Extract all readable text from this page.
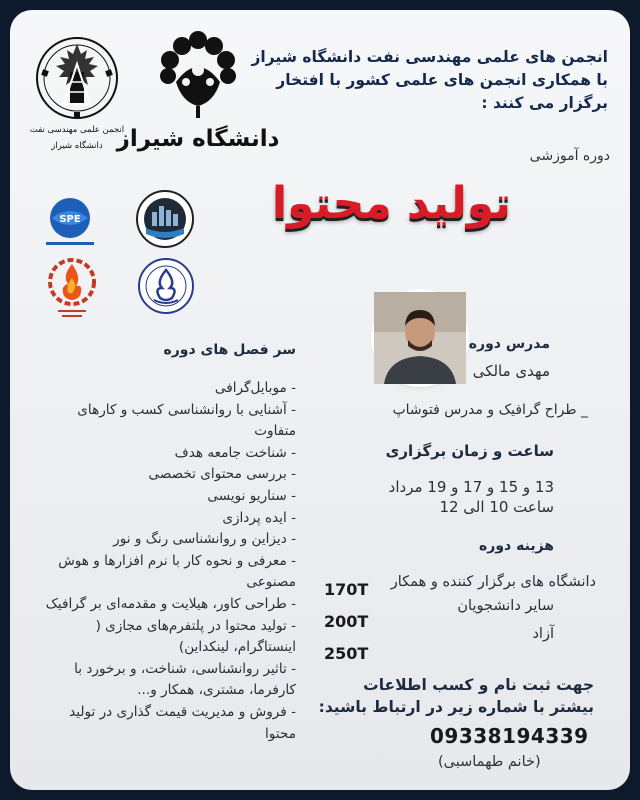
انجمن علمی مهندسی نفت
دانشگاه شیراز دانشگاه شیراز
انجمن های علمی مهندسی نفت دانشگاه شیراز
با همکاری انجمن های علمی کشور با افتخار
برگزار می کنند :
دوره آموزشی
تولید محتوا
SPE
مدرس دوره
مهدی مالکی
_ طراح گرافیک و مدرس فتوشاپ
ساعت و زمان برگزاری
13 و 15 و 17 و 19 مرداد
ساعت 10 الی 12
هزینه دوره
دانشگاه های برگزار کننده و همکار
سایر دانشجویان
آزاد
170T
200T
250T
جهت ثبت نام و کسب اطلاعات
بیشتر با شماره زیر در ارتباط باشید:
09338194339
(خانم طهماسبی)
سر فصل های دوره
- موبایل‌گرافی
- آشنایی با روانشناسی کسب و کارهای متفاوت
- شناخت جامعه هدف
- بررسی محتوای تخصصی
- سناریو نویسی
- ایده پردازی
- دیزاین و روانشناسی رنگ و نور
- معرفی و نحوه کار با نرم افزارها و هوش مصنوعی
- طراحی کاور، هیلایت و مقدمه‌ای بر گرافیک
- تولید محتوا در پلتفرم‌های مجازی ( اینستاگرام، لینکداین)
- تاثیر روانشناسی، شناخت، و برخورد با کارفرما، مشتری، همکار و...
- فروش و مدیریت قیمت گذاری در تولید محتوا
